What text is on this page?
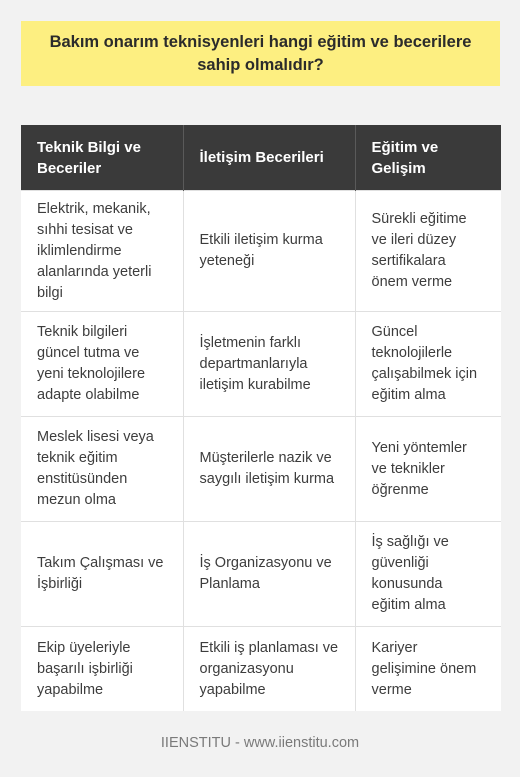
Bakım onarım teknisyenleri hangi eğitim ve becerilere sahip olmalıdır?
Teknik Bilgi ve Beceriler	İletişim Becerileri	Eğitim ve Gelişim
Elektrik, mekanik, sıhhi tesisat ve iklimlendirme alanlarında yeterli bilgi	Etkili iletişim kurma yeteneği	Sürekli eğitime ve ileri düzey sertifikalara önem verme
Teknik bilgileri güncel tutma ve yeni teknolojilere adapte olabilme	İşletmenin farklı departmanlarıyla iletişim kurabilme	Güncel teknolojilerle çalışabilmek için eğitim alma
Meslek lisesi veya teknik eğitim enstitüsünden mezun olma	Müşterilerle nazik ve saygılı iletişim kurma	Yeni yöntemler ve teknikler öğrenme
Takım Çalışması ve İşbirliği	İş Organizasyonu ve Planlama	İş sağlığı ve güvenliği konusunda eğitim alma
Ekip üyeleriyle başarılı işbirliği yapabilme	Etkili iş planlaması ve organizasyonu yapabilme	Kariyer gelişimine önem verme
IIENSTITU - www.iienstitu.com
